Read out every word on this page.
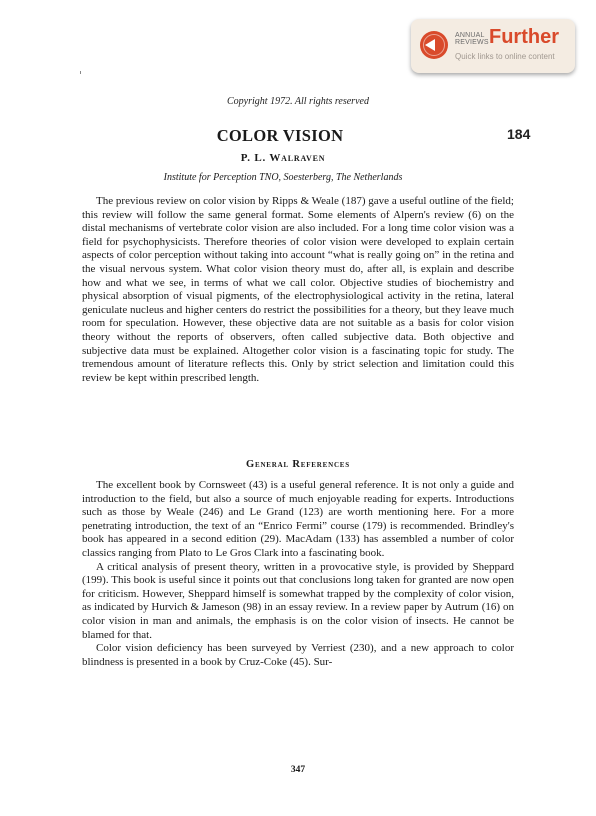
ANNUAL
REVIEWS Further
Quick links to online content
Copyright 1972. All rights reserved
COLOR VISION	184
P. L. Walraven
Institute for Perception TNO, Soesterberg, The Netherlands

The previous review on color vision by Ripps & Weale (187) gave a useful outline of the field; this review will follow the same general format. Some elements of Alpern's review (6) on the distal mechanisms of vertebrate color vision are also included. For a long time color vision was a field for psychophysicists. Therefore theories of color vision were developed to explain certain aspects of color perception without taking into account “what is really going on” in the retina and the visual nervous system. What color vision theory must do, after all, is explain and describe how and what we see, in terms of what we call color. Objective studies of biochemistry and physical absorption of visual pigments, of the electrophysiological activity in the retina, lateral geniculate nucleus and higher centers do restrict the possibilities for a theory, but they leave much room for speculation. However, these objective data are not suitable as a basis for color vision theory without the reports of observers, often called subjective data. Both objective and subjective data must be explained. Altogether color vision is a fascinating topic for study. The tremendous amount of literature reflects this. Only by strict selection and limitation could this review be kept within prescribed length.

General References

The excellent book by Cornsweet (43) is a useful general reference. It is not only a guide and introduction to the field, but also a source of much enjoyable reading for experts. Introductions such as those by Weale (246) and Le Grand (123) are worth mentioning here. For a more penetrating introduction, the text of an “Enrico Fermi” course (179) is recommended. Brindley's book has appeared in a second edition (29). MacAdam (133) has assembled a number of color classics ranging from Plato to Le Gros Clark into a fascinating book.

A critical analysis of present theory, written in a provocative style, is provided by Sheppard (199). This book is useful since it points out that conclusions long taken for granted are now open for criticism. However, Sheppard himself is somewhat trapped by the complexity of color vision, as indicated by Hurvich & Jameson (98) in an essay review. In a review paper by Autrum (16) on color vision in man and animals, the emphasis is on the color vision of insects. He cannot be blamed for that.

Color vision deficiency has been surveyed by Verriest (230), and a new approach to color blindness is presented in a book by Cruz-Coke (45). Sur-

347
